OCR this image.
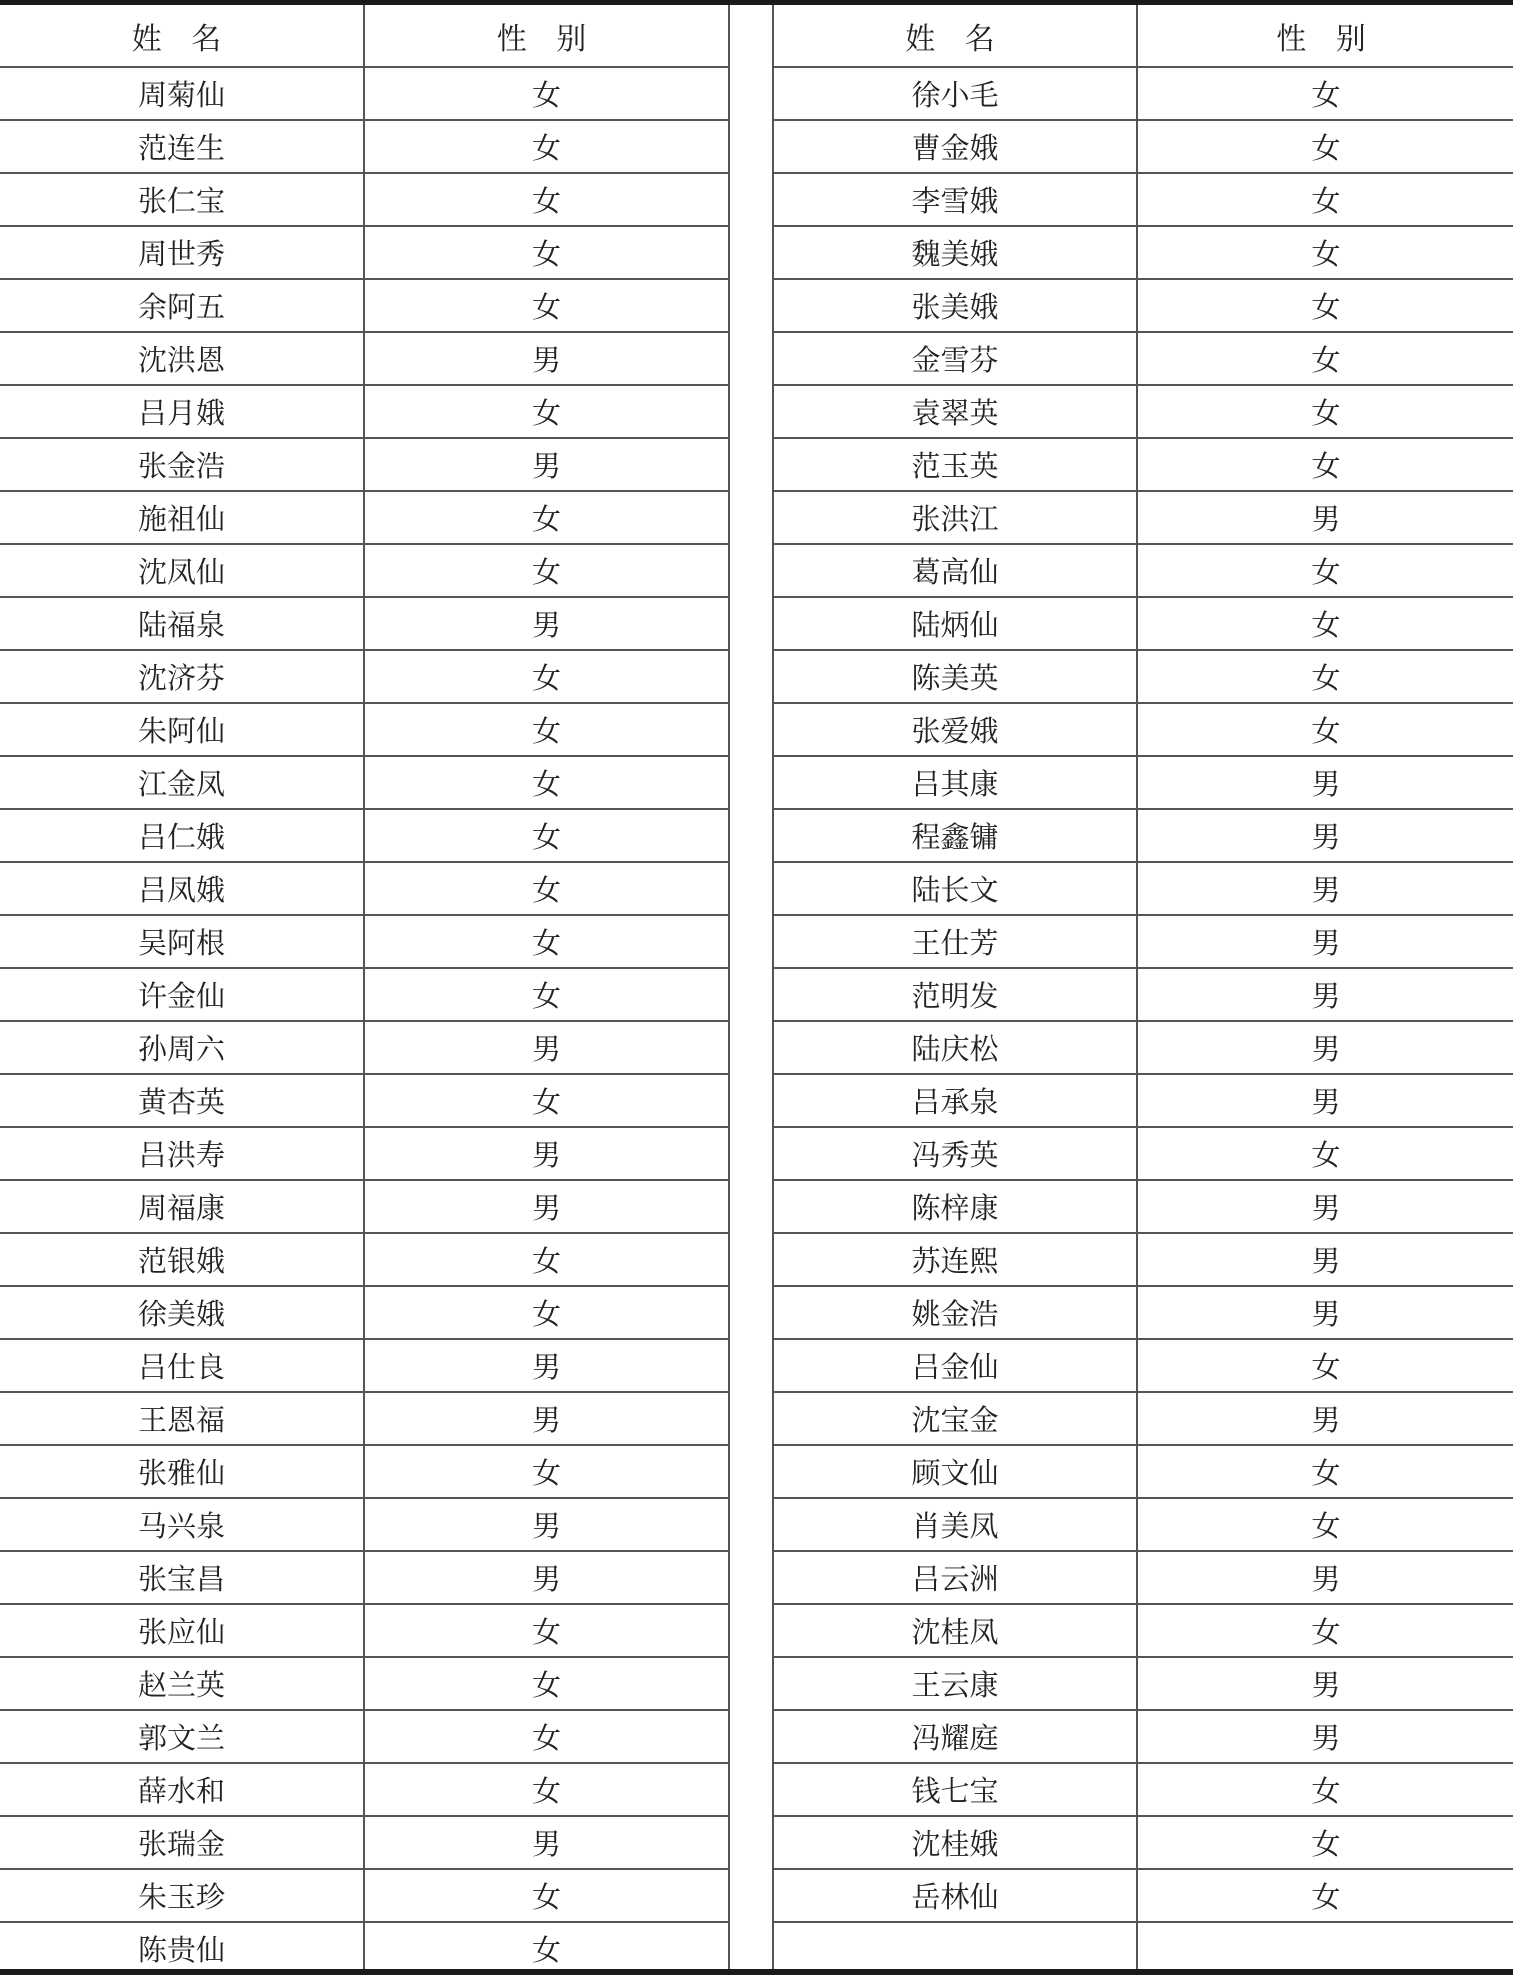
姓 名	性 别
周菊仙	女
范连生	女
张仁宝	女
周世秀	女
余阿五	女
沈洪恩	男
吕月娥	女
张金浩	男
施祖仙	女
沈凤仙	女
陆福泉	男
沈济芬	女
朱阿仙	女
江金凤	女
吕仁娥	女
吕凤娥	女
吴阿根	女
许金仙	女
孙周六	男
黄杏英	女
吕洪寿	男
周福康	男
范银娥	女
徐美娥	女
吕仕良	男
王恩福	男
张雅仙	女
马兴泉	男
张宝昌	男
张应仙	女
赵兰英	女
郭文兰	女
薛水和	女
张瑞金	男
朱玉珍	女
陈贵仙	女
姓 名	性 别
徐小毛	女
曹金娥	女
李雪娥	女
魏美娥	女
张美娥	女
金雪芬	女
袁翠英	女
范玉英	女
张洪江	男
葛高仙	女
陆炳仙	女
陈美英	女
张爱娥	女
吕其康	男
程鑫镛	男
陆长文	男
王仕芳	男
范明发	男
陆庆松	男
吕承泉	男
冯秀英	女
陈梓康	男
苏连熙	男
姚金浩	男
吕金仙	女
沈宝金	男
顾文仙	女
肖美凤	女
吕云洲	男
沈桂凤	女
王云康	男
冯耀庭	男
钱七宝	女
沈桂娥	女
岳林仙	女
